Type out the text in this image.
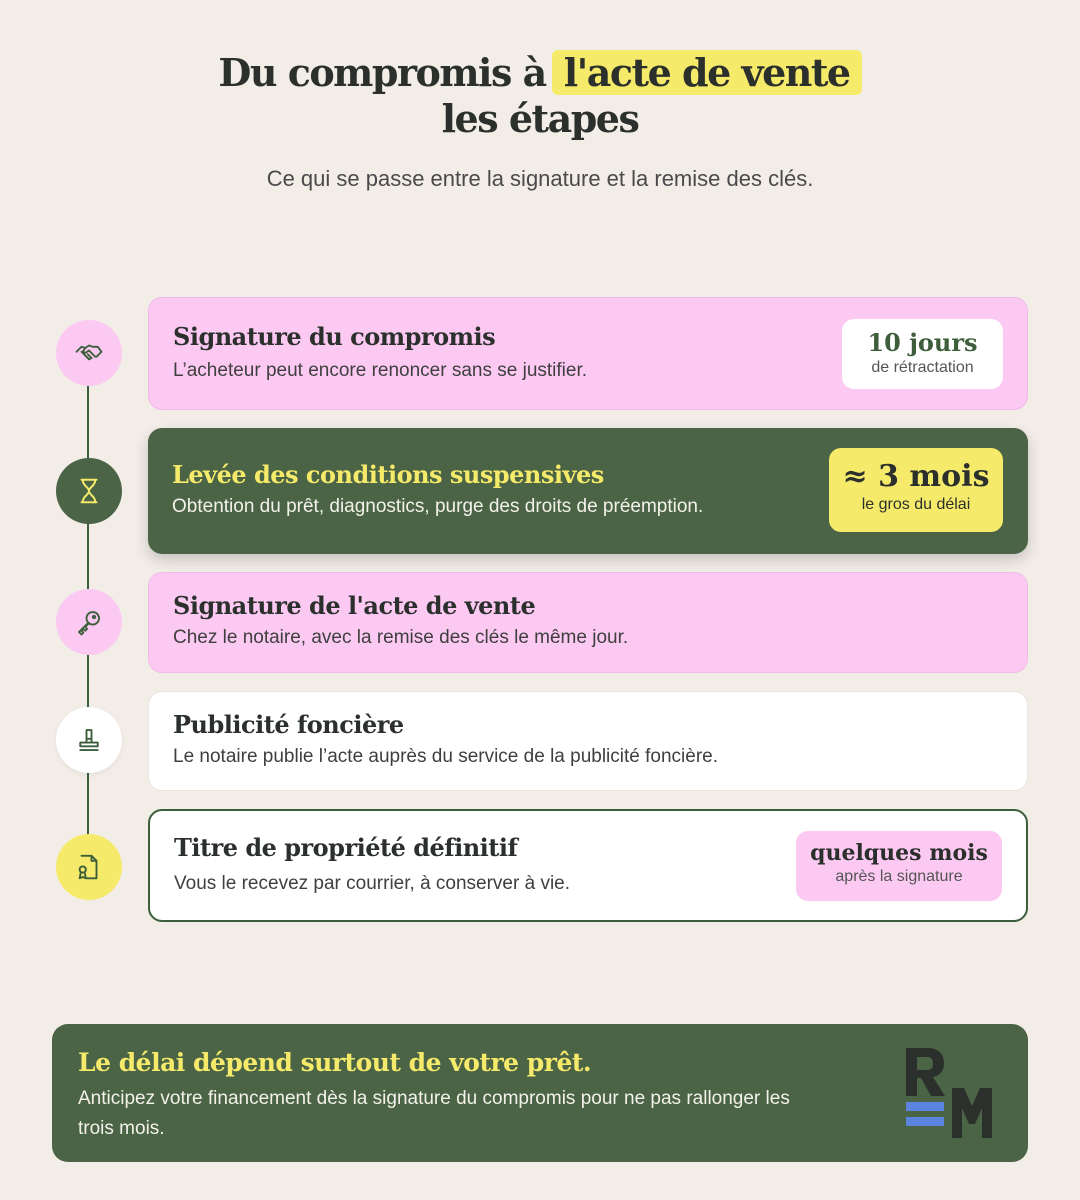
Du compromis à l'acte de vente
les étapes
Ce qui se passe entre la signature et la remise des clés.
Signature du compromis
L’acheteur peut encore renoncer sans se justifier.
10 jours
de rétractation
Levée des conditions suspensives
Obtention du prêt, diagnostics, purge des droits de préemption.
≈ 3 mois
le gros du délai
Signature de l'acte de vente
Chez le notaire, avec la remise des clés le même jour.
Publicité foncière
Le notaire publie l’acte auprès du service de la publicité foncière.
Titre de propriété définitif
Vous le recevez par courrier, à conserver à vie.
quelques mois
après la signature
Le délai dépend surtout de votre prêt.
Anticipez votre financement dès la signature du compromis pour ne pas rallonger les trois mois.
